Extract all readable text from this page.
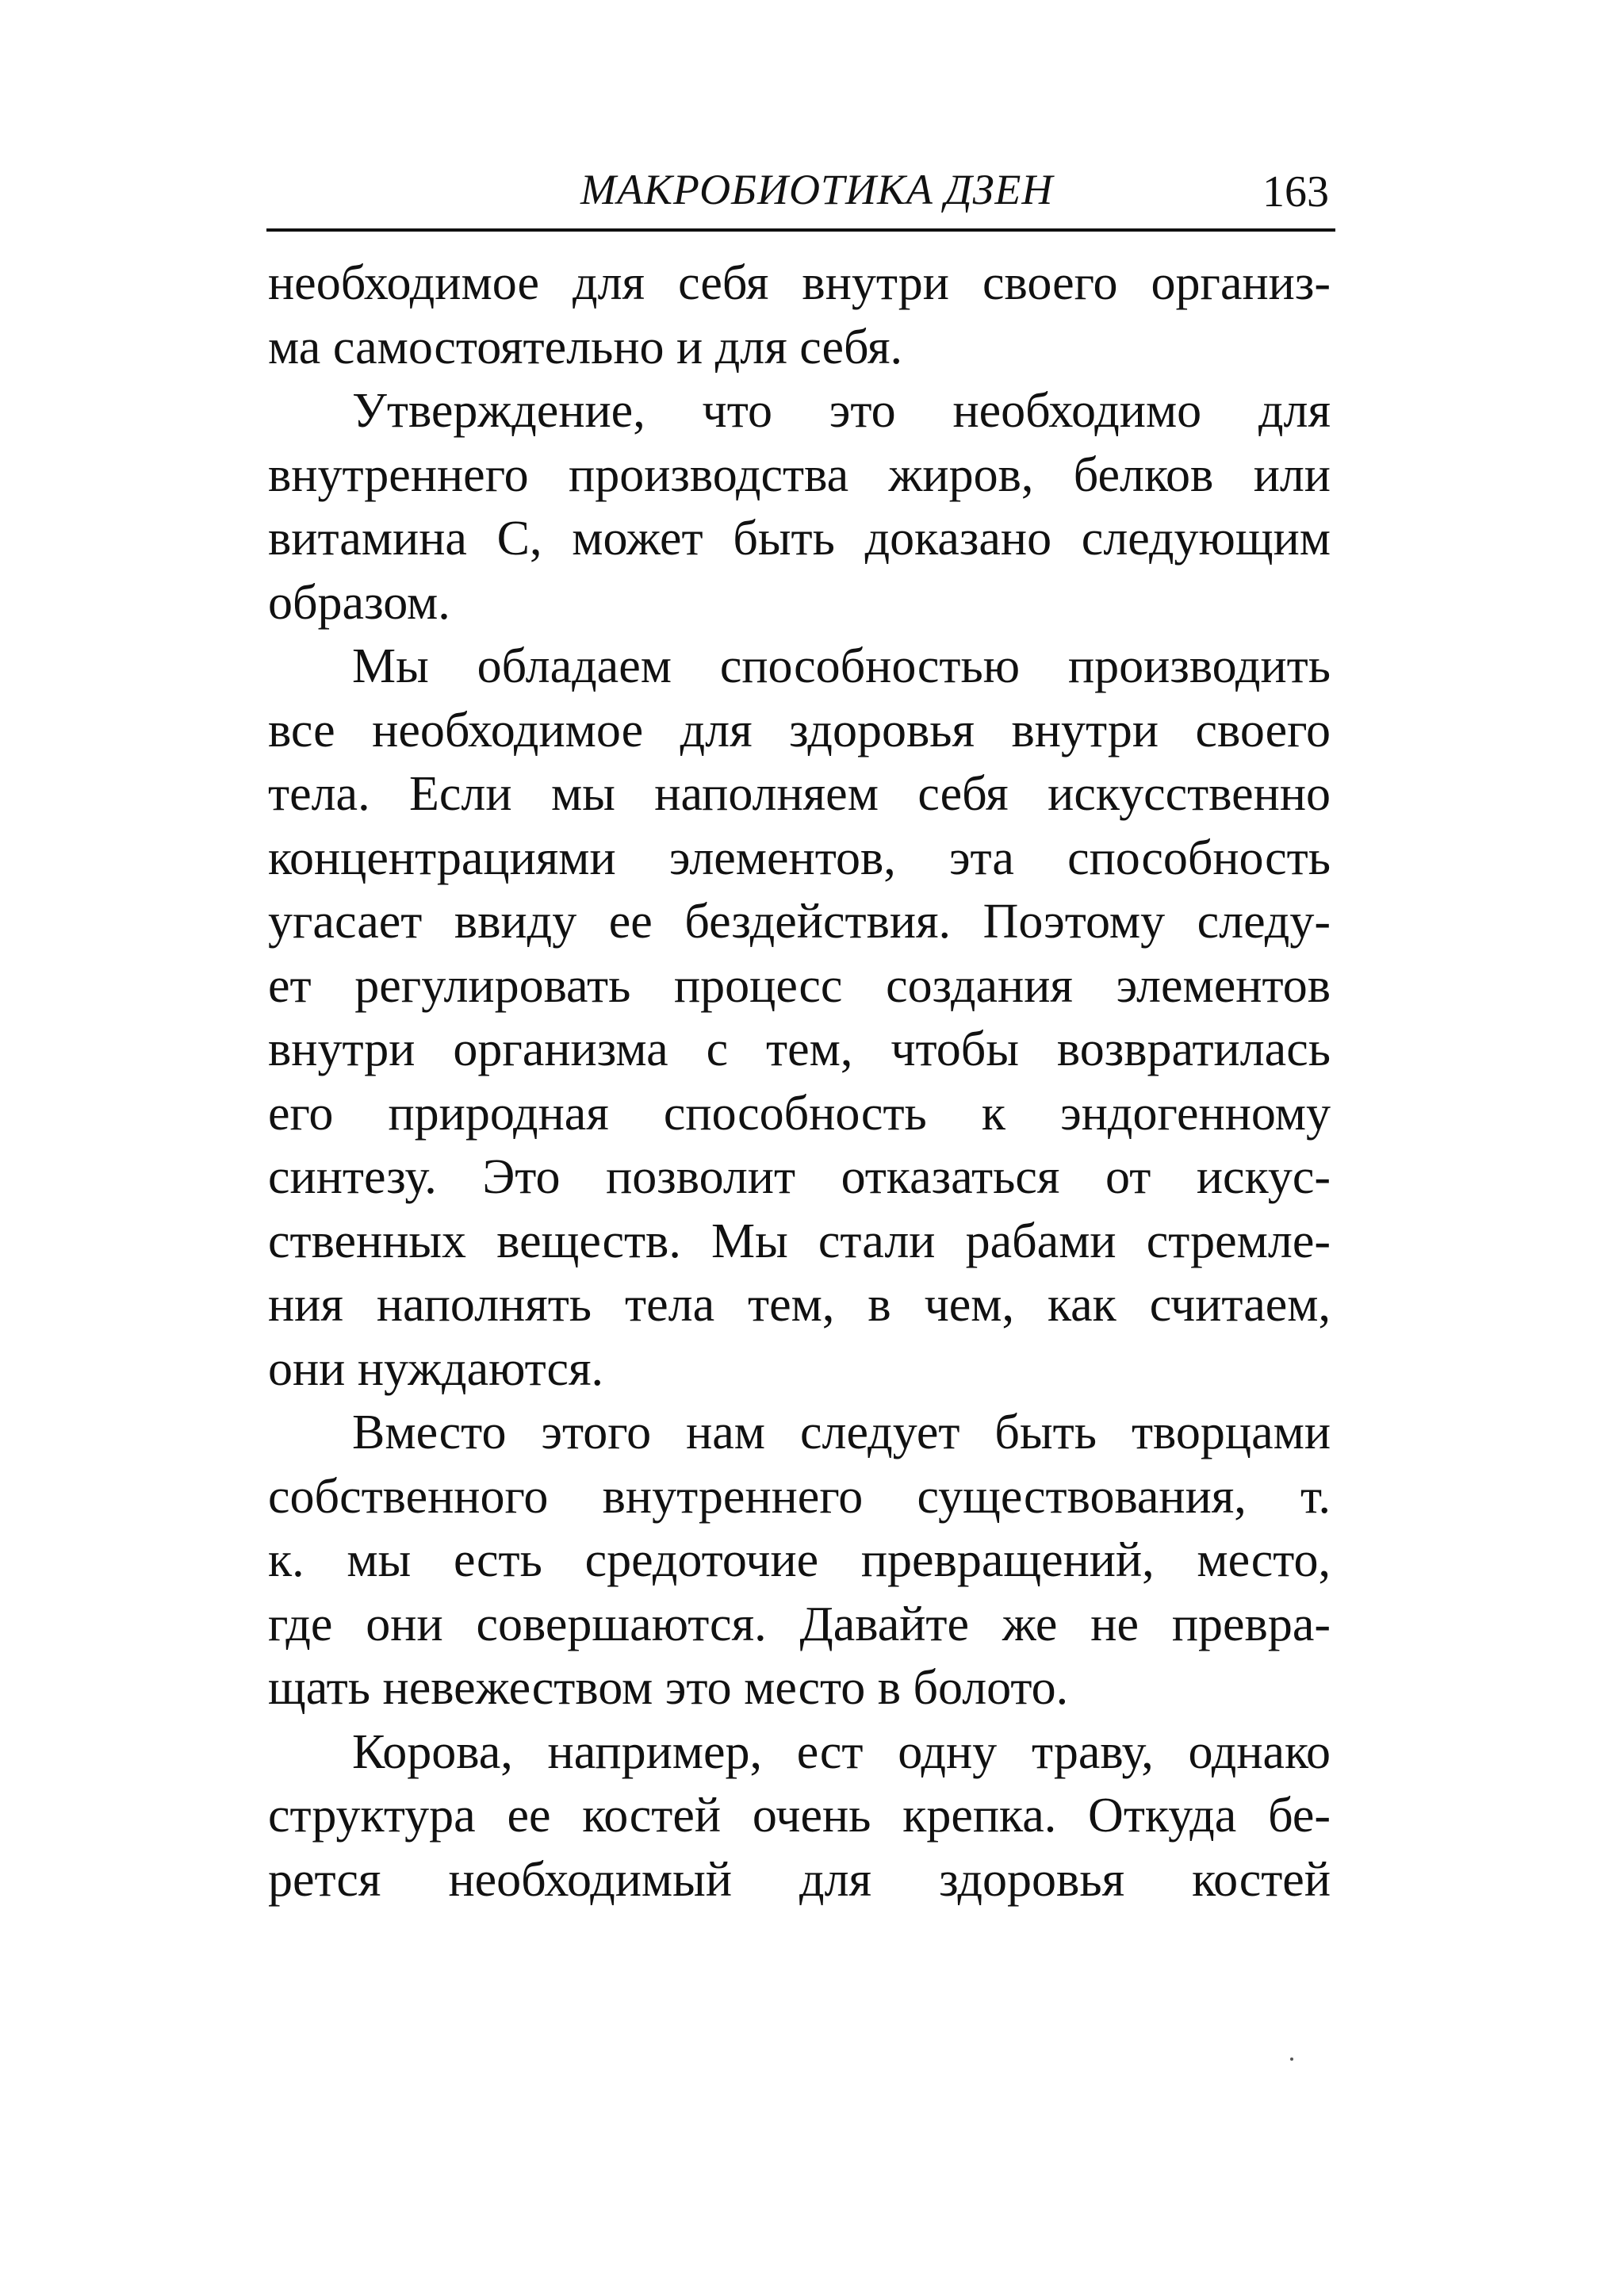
МАКРОБИОТИКА ДЗЕН	163
необходимое для себя внутри своего организ-
ма самостоятельно и для себя.
Утверждение, что это необходимо для
внутреннего производства жиров, белков или
витамина С, может быть доказано следующим
образом.
Мы обладаем способностью производить
все необходимое для здоровья внутри своего
тела. Если мы наполняем себя искусственно
концентрациями элементов, эта способность
угасает ввиду ее бездействия. Поэтому следу-
ет регулировать процесс создания элементов
внутри организма с тем, чтобы возвратилась
его природная способность к эндогенному
синтезу. Это позволит отказаться от искус-
ственных веществ. Мы стали рабами стремле-
ния наполнять тела тем, в чем, как считаем,
они нуждаются.
Вместо этого нам следует быть творцами
собственного внутреннего существования, т.
к. мы есть средоточие превращений, место,
где они совершаются. Давайте же не превра-
щать невежеством это место в болото.
Корова, например, ест одну траву, однако
структура ее костей очень крепка. Откуда бе-
рется необходимый для здоровья костей
